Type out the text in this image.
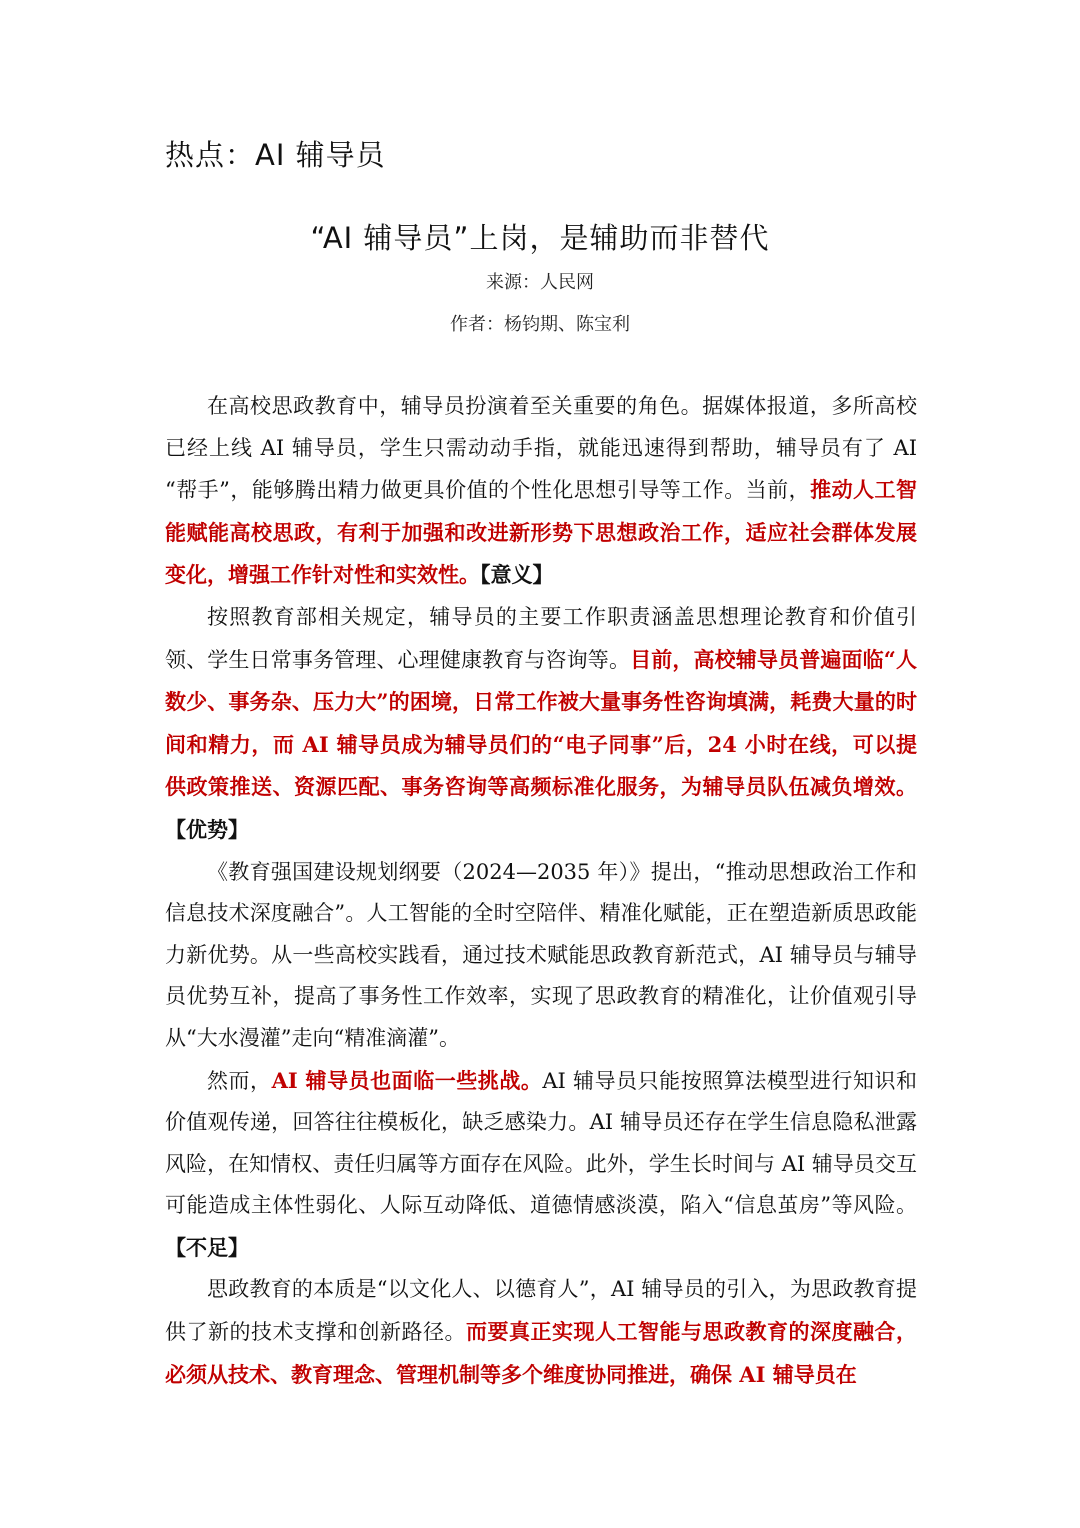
热点：AI 辅导员
“AI 辅导员”上岗，是辅助而非替代
来源：人民网
作者：杨钧期、陈宝利

在高校思政教育中，辅导员扮演着至关重要的角色。据媒体报道，多所高校已经上线 AI 辅导员，学生只需动动手指，就能迅速得到帮助，辅导员有了 AI “帮手”，能够腾出精力做更具价值的个性化思想引导等工作。当前，推动人工智能赋能高校思政，有利于加强和改进新形势下思想政治工作，适应社会群体发展变化，增强工作针对性和实效性。【意义】

按照教育部相关规定，辅导员的主要工作职责涵盖思想理论教育和价值引领、学生日常事务管理、心理健康教育与咨询等。目前，高校辅导员普遍面临“人数少、事务杂、压力大”的困境，日常工作被大量事务性咨询填满，耗费大量的时间和精力，而 AI 辅导员成为辅导员们的“电子同事”后，24 小时在线，可以提供政策推送、资源匹配、事务咨询等高频标准化服务，为辅导员队伍减负增效。【优势】

《教育强国建设规划纲要（2024—2035 年）》提出，“推动思想政治工作和信息技术深度融合”。人工智能的全时空陪伴、精准化赋能，正在塑造新质思政能力新优势。从一些高校实践看，通过技术赋能思政教育新范式，AI 辅导员与辅导员优势互补，提高了事务性工作效率，实现了思政教育的精准化，让价值观引导从“大水漫灌”走向“精准滴灌”。

然而，AI 辅导员也面临一些挑战。AI 辅导员只能按照算法模型进行知识和价值观传递，回答往往模板化，缺乏感染力。AI 辅导员还存在学生信息隐私泄露风险，在知情权、责任归属等方面存在风险。此外，学生长时间与 AI 辅导员交互可能造成主体性弱化、人际互动降低、道德情感淡漠，陷入“信息茧房”等风险。【不足】

思政教育的本质是“以文化人、以德育人”，AI 辅导员的引入，为思政教育提供了新的技术支撑和创新路径。而要真正实现人工智能与思政教育的深度融合，必须从技术、教育理念、管理机制等多个维度协同推进，确保 AI 辅导员在
